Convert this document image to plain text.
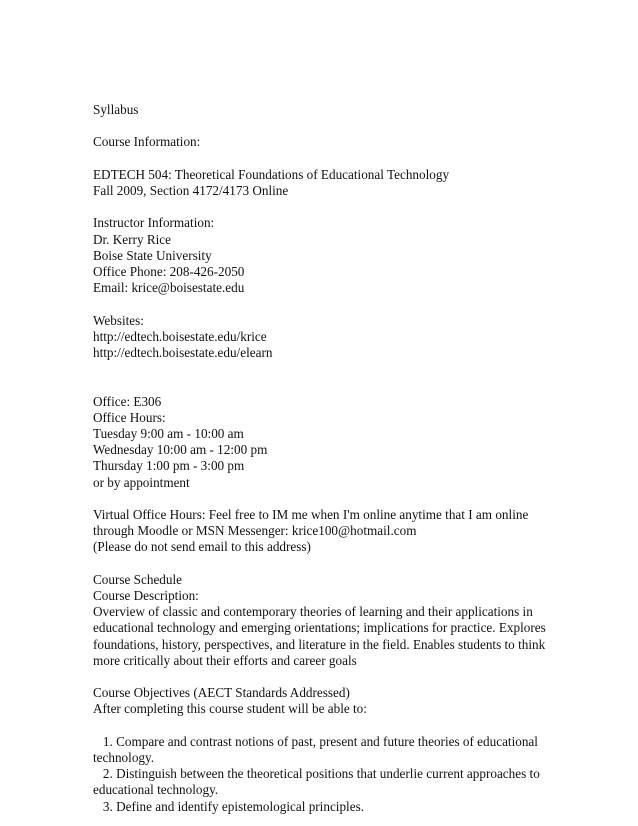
Syllabus
Course Information:
EDTECH 504: Theoretical Foundations of Educational Technology
Fall 2009, Section 4172/4173 Online
Instructor Information:
Dr. Kerry Rice
Boise State University
Office Phone: 208-426-2050
Email: krice@boisestate.edu
Websites:
http://edtech.boisestate.edu/krice
http://edtech.boisestate.edu/elearn
Office: E306
Office Hours:
Tuesday 9:00 am - 10:00 am
Wednesday 10:00 am - 12:00 pm
Thursday 1:00 pm - 3:00 pm
or by appointment
Virtual Office Hours: Feel free to IM me when I'm online anytime that I am online
through Moodle or MSN Messenger: krice100@hotmail.com
(Please do not send email to this address)
Course Schedule
Course Description:
Overview of classic and contemporary theories of learning and their applications in
educational technology and emerging orientations; implications for practice. Explores
foundations, history, perspectives, and literature in the field. Enables students to think
more critically about their efforts and career goals
Course Objectives (AECT Standards Addressed)
After completing this course student will be able to:
1. Compare and contrast notions of past, present and future theories of educational
technology.
2. Distinguish between the theoretical positions that underlie current approaches to
educational technology.
3. Define and identify epistemological principles.
